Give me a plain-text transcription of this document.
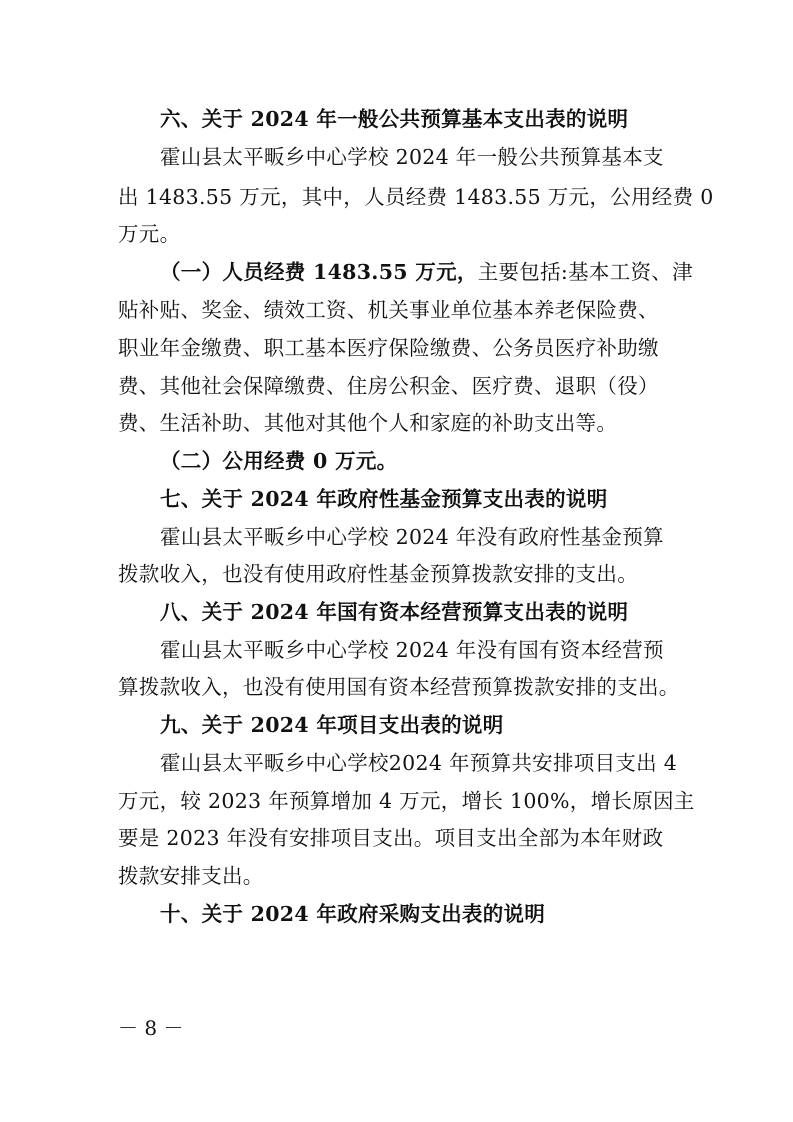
六、关于 2024 年一般公共预算基本支出表的说明
霍山县太平畈乡中心学校 2024 年一般公共预算基本支
出 1483.55 万元，其中，人员经费 1483.55 万元，公用经费 0
万元。
（一）人员经费 1483.55 万元，主要包括:基本工资、津
贴补贴、奖金、绩效工资、机关事业单位基本养老保险费、
职业年金缴费、职工基本医疗保险缴费、公务员医疗补助缴
费、其他社会保障缴费、住房公积金、医疗费、退职（役）
费、生活补助、其他对其他个人和家庭的补助支出等。
（二）公用经费 0 万元。
七、关于 2024 年政府性基金预算支出表的说明
霍山县太平畈乡中心学校 2024 年没有政府性基金预算
拨款收入，也没有使用政府性基金预算拨款安排的支出。
八、关于 2024 年国有资本经营预算支出表的说明
霍山县太平畈乡中心学校 2024 年没有国有资本经营预
算拨款收入，也没有使用国有资本经营预算拨款安排的支出。
九、关于 2024 年项目支出表的说明
霍山县太平畈乡中心学校2024 年预算共安排项目支出 4
万元，较 2023 年预算增加 4 万元，增长 100%，增长原因主
要是 2023 年没有安排项目支出。项目支出全部为本年财政
拨款安排支出。
十、关于 2024 年政府采购支出表的说明
－ 8 －
